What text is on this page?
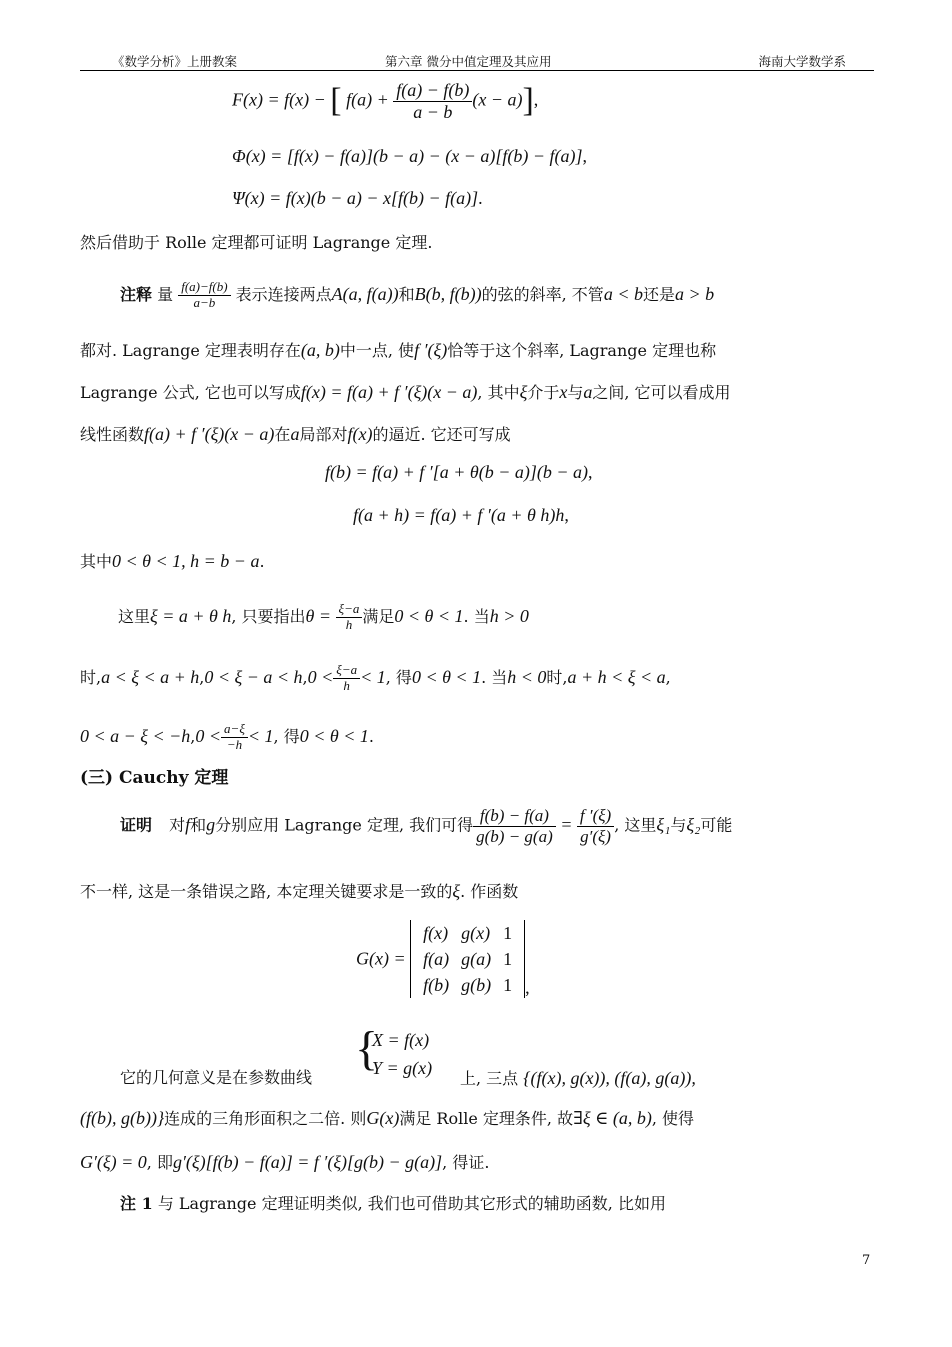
《数学分析》上册教案	第六章 微分中值定理及其应用	海南大学数学系
F(x) = f(x) − [ $f(a) + \frac{f(a) - f(b)}{a - b} (x - a)$],
Φ(x) = [f(x) − f(a)](b − a) − (x − a)[f(b) − f(a)],
Ψ(x) = f(x)(b − a) − x[f(b) − f(a)].
然后借助于 Rolle 定理都可证明 Lagrange 定理.
注释 量 $\frac{f(a)-f(b)}{a-b}$ 表示连接两点A(a, f(a))和B(b, f(b))的弦的斜率, 不管a < b还是a > b
都对. Lagrange 定理表明存在(a, b)中一点, 使f ′(ξ)恰等于这个斜率, Lagrange 定理也称
Lagrange 公式, 它也可以写成f(x) = f(a) + f ′(ξ)(x − a), 其中ξ介于x与a之间, 它可以看成用
线性函数f(a) + f ′(ξ)(x − a)在a局部对f(x)的逼近. 它还可写成
f(b) = f(a) + f ′[a + θ(b − a)](b − a),
f(a + h) = f(a) + f ′(a + θ h)h,
其中0 < θ < 1, h = b − a.
这里ξ = a + θ h, 只要指出$\theta = \frac{\xi-a}{h}$ 满足0 < θ < 1. 当h > 0
时$,a < \xi < a + h,0 < \xi - a < h,0 < \frac{\xi-a}{h} < 1$, 得0 < θ < 1. 当h < 0时,a + h < ξ < a,
$0 < a - \xi < -h,0 < \frac{a-\xi}{-h} < 1$, 得0 < θ < 1.
(三) Cauchy 定理
证明 对f和g分别应用 Lagrange 定理, 我们可得 $\frac{f(b) - f(a)}{g(b) - g(a)} = \frac{f '(\xi)}{g'(\xi)}$ , 这里ξ₁与ξ₂可能
不一样, 这是一条错误之路, 本定理关键要求是一致的ξ. 作函数
G(x) =
f(x)	g(x)	1
f(a)	g(a)	1
f(b)	g(b)	1 ,
它的几何意义是在参数曲线
{
X = f(x)
Y = g(x)
上, 三点 {(f(x), g(x)), (f(a), g(a)),
(f(b), g(b))}连成的三角形面积之二倍. 则G(x)满足 Rolle 定理条件, 故∃ξ ∈ (a, b), 使得
G′(ξ) = 0, 即g′(ξ)[f(b) − f(a)] = f ′(ξ)[g(b) − g(a)], 得证.
注 1 与 Lagrange 定理证明类似, 我们也可借助其它形式的辅助函数, 比如用
7
